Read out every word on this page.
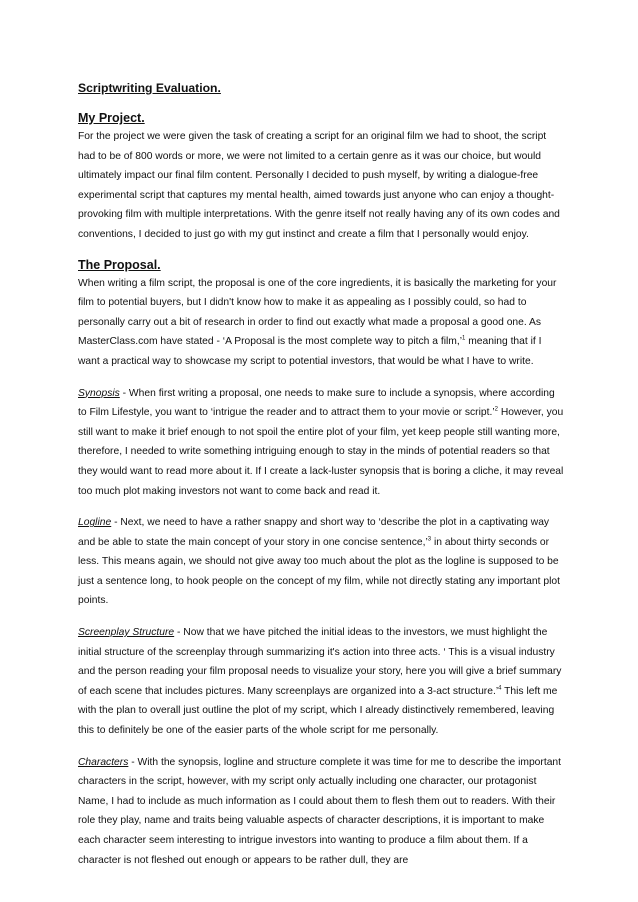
Scriptwriting Evaluation.

My Project.

For the project we were given the task of creating a script for an original film we had to shoot, the script had to be of 800 words or more, we were not limited to a certain genre as it was our choice, but would ultimately impact our final film content. Personally I decided to push myself, by writing a dialogue-free experimental script that captures my mental health, aimed towards just anyone who can enjoy a thought-provoking film with multiple interpretations. With the genre itself not really having any of its own codes and conventions, I decided to just go with my gut instinct and create a film that I personally would enjoy.

The Proposal.

When writing a film script, the proposal is one of the core ingredients, it is basically the marketing for your film to potential buyers, but I didn't know how to make it as appealing as I possibly could, so had to personally carry out a bit of research in order to find out exactly what made a proposal a good one. As MasterClass.com have stated - ‘A Proposal is the most complete way to pitch a film,’$^1$ meaning that if I want a practical way to showcase my script to potential investors, that would be what I have to write.

Synopsis - When first writing a proposal, one needs to make sure to include a synopsis, where according to Film Lifestyle, you want to ‘intrigue the reader and to attract them to your movie or script.’$^2$ However, you still want to make it brief enough to not spoil the entire plot of your film, yet keep people still wanting more, therefore, I needed to write something intriguing enough to stay in the minds of potential readers so that they would want to read more about it. If I create a lack-luster synopsis that is boring a cliche, it may reveal too much plot making investors not want to come back and read it.

Logline - Next, we need to have a rather snappy and short way to ‘describe the plot in a captivating way and be able to state the main concept of your story in one concise sentence,’$^3$ in about thirty seconds or less. This means again, we should not give away too much about the plot as the logline is supposed to be just a sentence long, to hook people on the concept of my film, while not directly stating any important plot points.

Screenplay Structure - Now that we have pitched the initial ideas to the investors, we must highlight the initial structure of the screenplay through summarizing it's action into three acts. ‘ This is a visual industry and the person reading your film proposal needs to visualize your story, here you will give a brief summary of each scene that includes pictures. Many screenplays are organized into a 3-act structure.’$^4$ This left me with the plan to overall just outline the plot of my script, which I already distinctively remembered, leaving this to definitely be one of the easier parts of the whole script for me personally.

Characters - With the synopsis, logline and structure complete it was time for me to describe the important characters in the script, however, with my script only actually including one character, our protagonist Name, I had to include as much information as I could about them to flesh them out to readers. With their role they play, name and traits being valuable aspects of character descriptions, it is important to make each character seem interesting to intrigue investors into wanting to produce a film about them. If a character is not fleshed out enough or appears to be rather dull, they are
